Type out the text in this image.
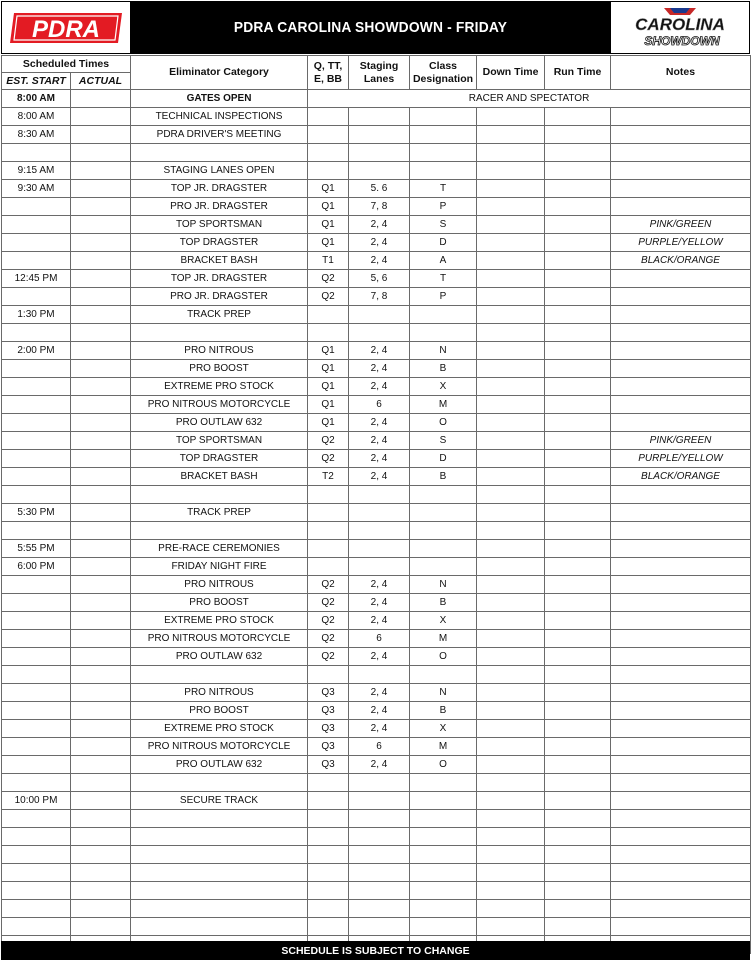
PDRA	PDRA CAROLINA SHOWDOWN - FRIDAY	CAROLINA
SHOWDOWN
Scheduled Times		Eliminator Category	Q, TT, E, BB	Staging Lanes	Class Designation	Down Time	Run Time	Notes
EST. START	ACTUAL							
8:00 AM		GATES OPEN	RACER AND SPECTATOR					
8:00 AM		TECHNICAL INSPECTIONS						
8:30 AM		PDRA DRIVER'S MEETING						

9:15 AM		STAGING LANES OPEN						
9:30 AM		TOP JR. DRAGSTER	Q1	5. 6	T			
		PRO JR. DRAGSTER	Q1	7, 8	P			
		TOP SPORTSMAN	Q1	2, 4	S			PINK/GREEN
		TOP DRAGSTER	Q1	2, 4	D			PURPLE/YELLOW
		BRACKET BASH	T1	2, 4	A			BLACK/ORANGE
12:45 PM		TOP JR. DRAGSTER	Q2	5, 6	T			
		PRO JR. DRAGSTER	Q2	7, 8	P			
1:30 PM		TRACK PREP						

2:00 PM		PRO NITROUS	Q1	2, 4	N			
		PRO BOOST	Q1	2, 4	B			
		EXTREME PRO STOCK	Q1	2, 4	X			
		PRO NITROUS MOTORCYCLE	Q1	6	M			
		PRO OUTLAW 632	Q1	2, 4	O			
		TOP SPORTSMAN	Q2	2, 4	S			PINK/GREEN
		TOP DRAGSTER	Q2	2, 4	D			PURPLE/YELLOW
		BRACKET BASH	T2	2, 4	B			BLACK/ORANGE

5:30 PM		TRACK PREP						

5:55 PM		PRE-RACE CEREMONIES						
6:00 PM		FRIDAY NIGHT FIRE						
		PRO NITROUS	Q2	2, 4	N			
		PRO BOOST	Q2	2, 4	B			
		EXTREME PRO STOCK	Q2	2, 4	X			
		PRO NITROUS MOTORCYCLE	Q2	6	M			
		PRO OUTLAW 632	Q2	2, 4	O			

		PRO NITROUS	Q3	2, 4	N			
		PRO BOOST	Q3	2, 4	B			
		EXTREME PRO STOCK	Q3	2, 4	X			
		PRO NITROUS MOTORCYCLE	Q3	6	M			
		PRO OUTLAW 632	Q3	2, 4	O			

10:00 PM		SECURE TRACK						

SCHEDULE IS SUBJECT TO CHANGE
